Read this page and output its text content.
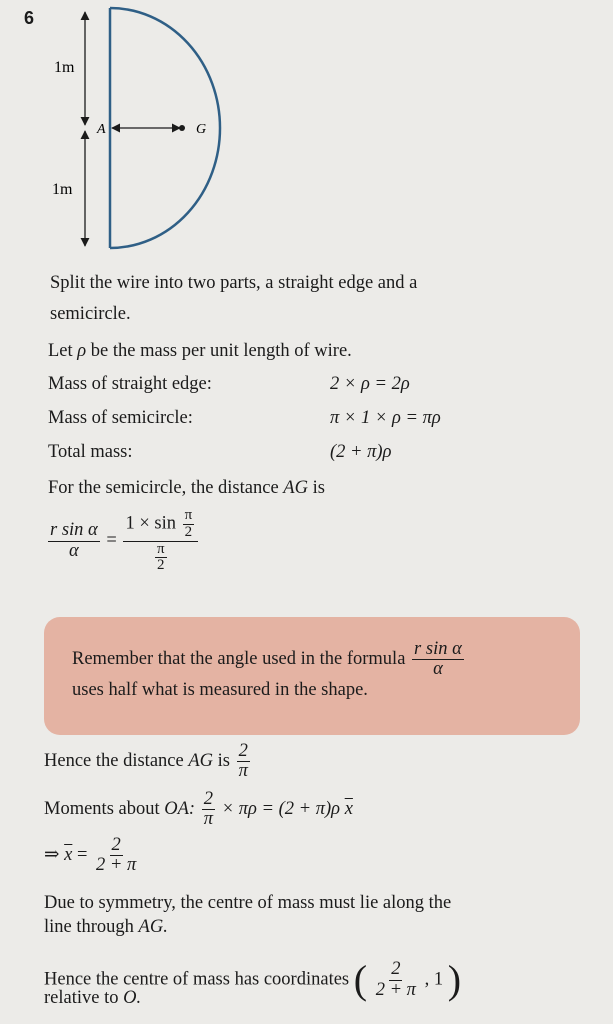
6
1m
1m
A	G
Split the wire into two parts, a straight edge and a
semicircle.
Let ρ be the mass per unit length of wire.
Mass of straight edge:	2 × ρ = 2ρ
Mass of semicircle:	π × 1 × ρ = πρ
Total mass:	(2 + π)ρ
For the semicircle, the distance AG is
$\frac{\text{r sin α}}{\alpha} = \frac{1 \times \sin \frac{\pi}{2}}{\frac{\pi}{2}}$
Remember that the angle used in the formula $\frac{\text{r sin α}}{\alpha}$
uses half what is measured in the shape.
Hence the distance AG is $\frac{2}{\pi}$
Moments about OA: $\frac{2}{\pi} \times \pi\rho = (2 + \pi)\rho$ $\overline{x}$
⇒ $\overline{x} = \frac{2}{2 + \pi}$
Due to symmetry, the centre of mass must lie along the
line through AG.
Hence the centre of mass has coordinates ( $\frac{2}{2 + \pi}$ , 1 )
relative to O.
